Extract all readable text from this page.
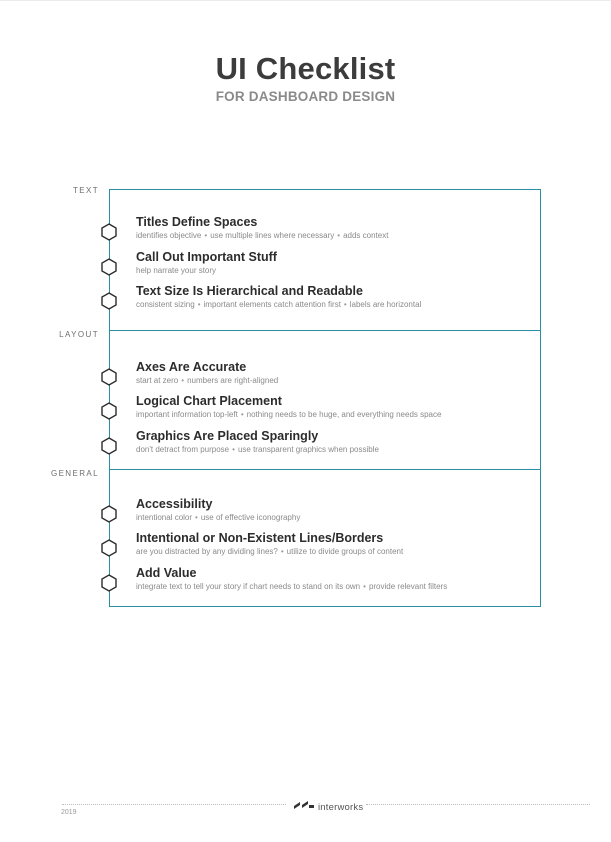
UI Checklist
FOR DASHBOARD DESIGN
TEXT
Titles Define Spaces
identifies objective • use multiple lines where necessary • adds context
Call Out Important Stuff
help narrate your story
Text Size Is Hierarchical and Readable
consistent sizing • important elements catch attention first • labels are horizontal
LAYOUT
Axes Are Accurate
start at zero • numbers are right-aligned
Logical Chart Placement
important information top-left • nothing needs to be huge, and everything needs space
Graphics Are Placed Sparingly
don't detract from purpose • use transparent graphics when possible
GENERAL
Accessibility
intentional color • use of effective iconography
Intentional or Non-Existent Lines/Borders
are you distracted by any dividing lines? • utilize to divide groups of content
Add Value
integrate text to tell your story if chart needs to stand on its own • provide relevant filters
interworks
2019
